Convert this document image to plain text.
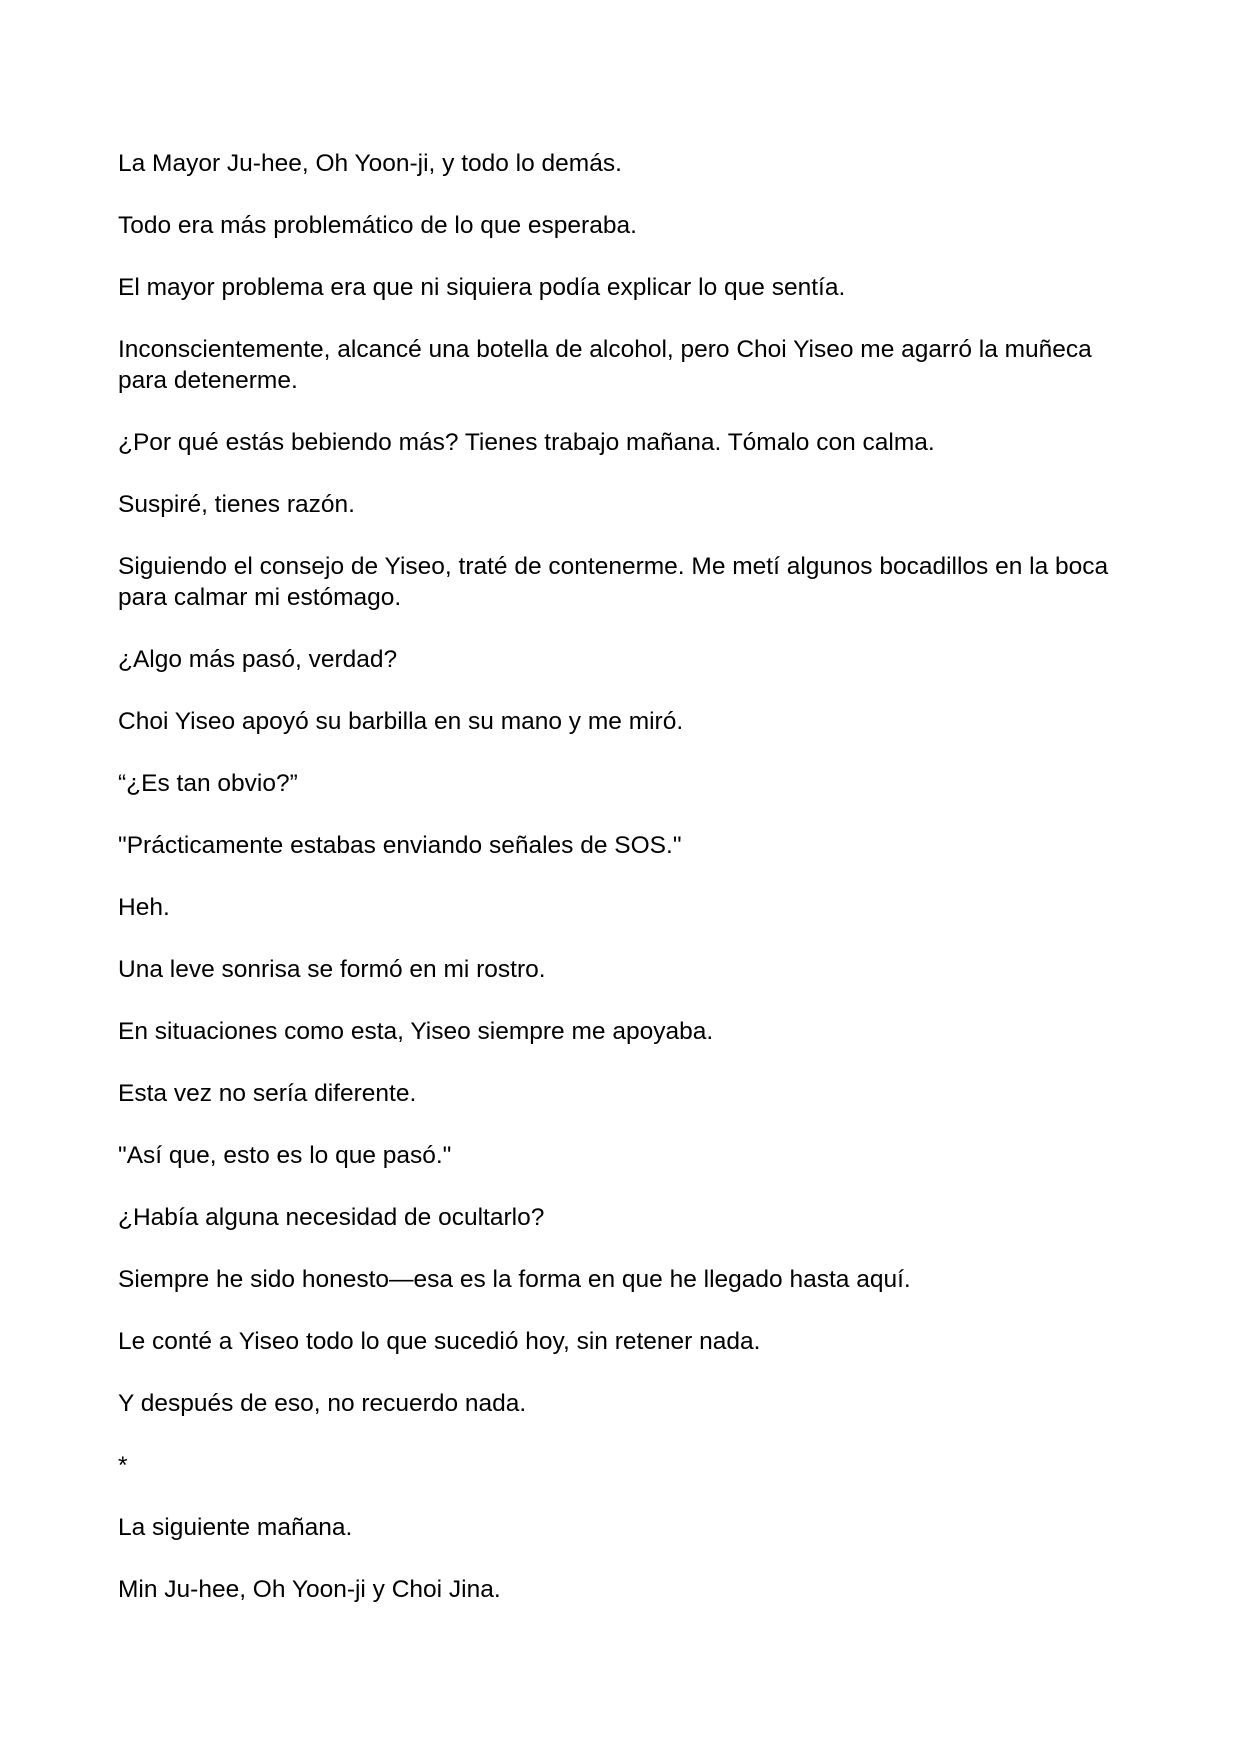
La Mayor Ju-hee, Oh Yoon-ji, y todo lo demás.

Todo era más problemático de lo que esperaba.

El mayor problema era que ni siquiera podía explicar lo que sentía.

Inconscientemente, alcancé una botella de alcohol, pero Choi Yiseo me agarró la muñeca para detenerme.

¿Por qué estás bebiendo más? Tienes trabajo mañana. Tómalo con calma.

Suspiré, tienes razón.

Siguiendo el consejo de Yiseo, traté de contenerme. Me metí algunos bocadillos en la boca para calmar mi estómago.

¿Algo más pasó, verdad?

Choi Yiseo apoyó su barbilla en su mano y me miró.

“¿Es tan obvio?”

"Prácticamente estabas enviando señales de SOS."

Heh.

Una leve sonrisa se formó en mi rostro.

En situaciones como esta, Yiseo siempre me apoyaba.

Esta vez no sería diferente.

"Así que, esto es lo que pasó."

¿Había alguna necesidad de ocultarlo?

Siempre he sido honesto—esa es la forma en que he llegado hasta aquí.

Le conté a Yiseo todo lo que sucedió hoy, sin retener nada.

Y después de eso, no recuerdo nada.

*

La siguiente mañana.

Min Ju-hee, Oh Yoon-ji y Choi Jina.
